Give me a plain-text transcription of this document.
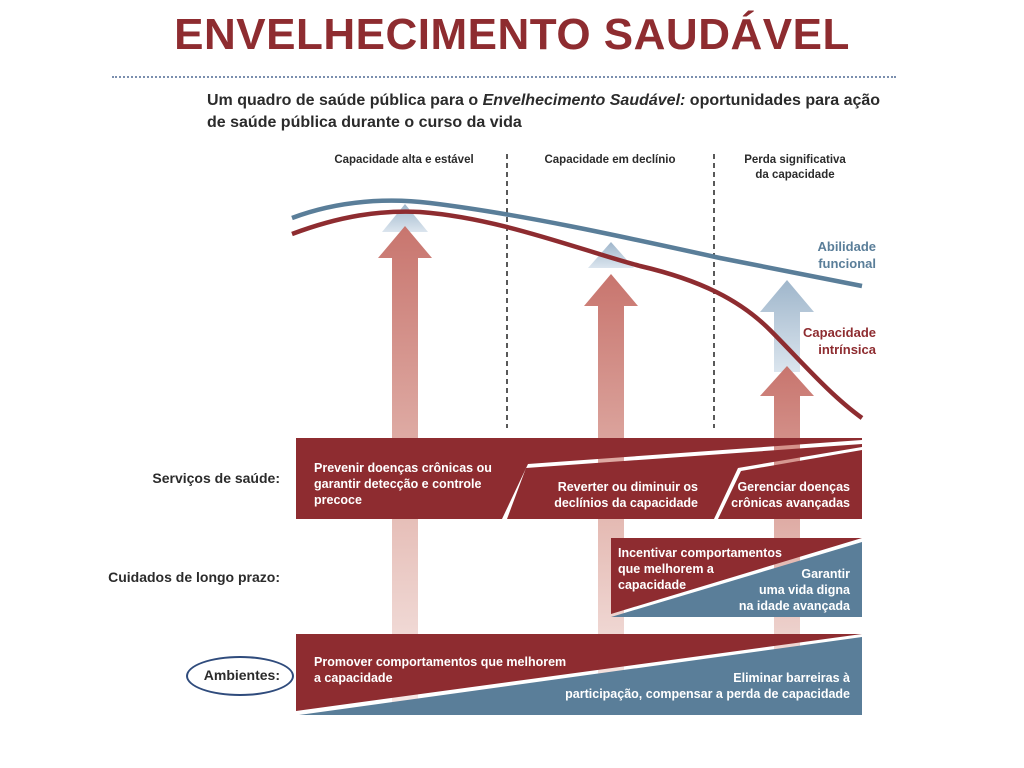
ENVELHECIMENTO SAUDÁVEL
Um quadro de saúde pública para o Envelhecimento Saudável: oportunidades para ação de saúde pública durante o curso da vida
Capacidade alta e estável	Capacidade em declínio	Perda significativa
da capacidade
Abilidade
funcional
Capacidade
intrínsica
Serviços de saúde:
Cuidados de longo prazo:
Ambientes:
Prevenir doenças crônicas ou
garantir detecção e controle
precoce
Reverter ou diminuir os
declínios da capacidade
Gerenciar doenças
crônicas avançadas
Incentivar comportamentos
que melhorem a
capacidade
Garantir
uma vida digna
na idade avançada
Promover comportamentos que melhorem
a capacidade	Eliminar barreiras à
participação, compensar a perda de capacidade
